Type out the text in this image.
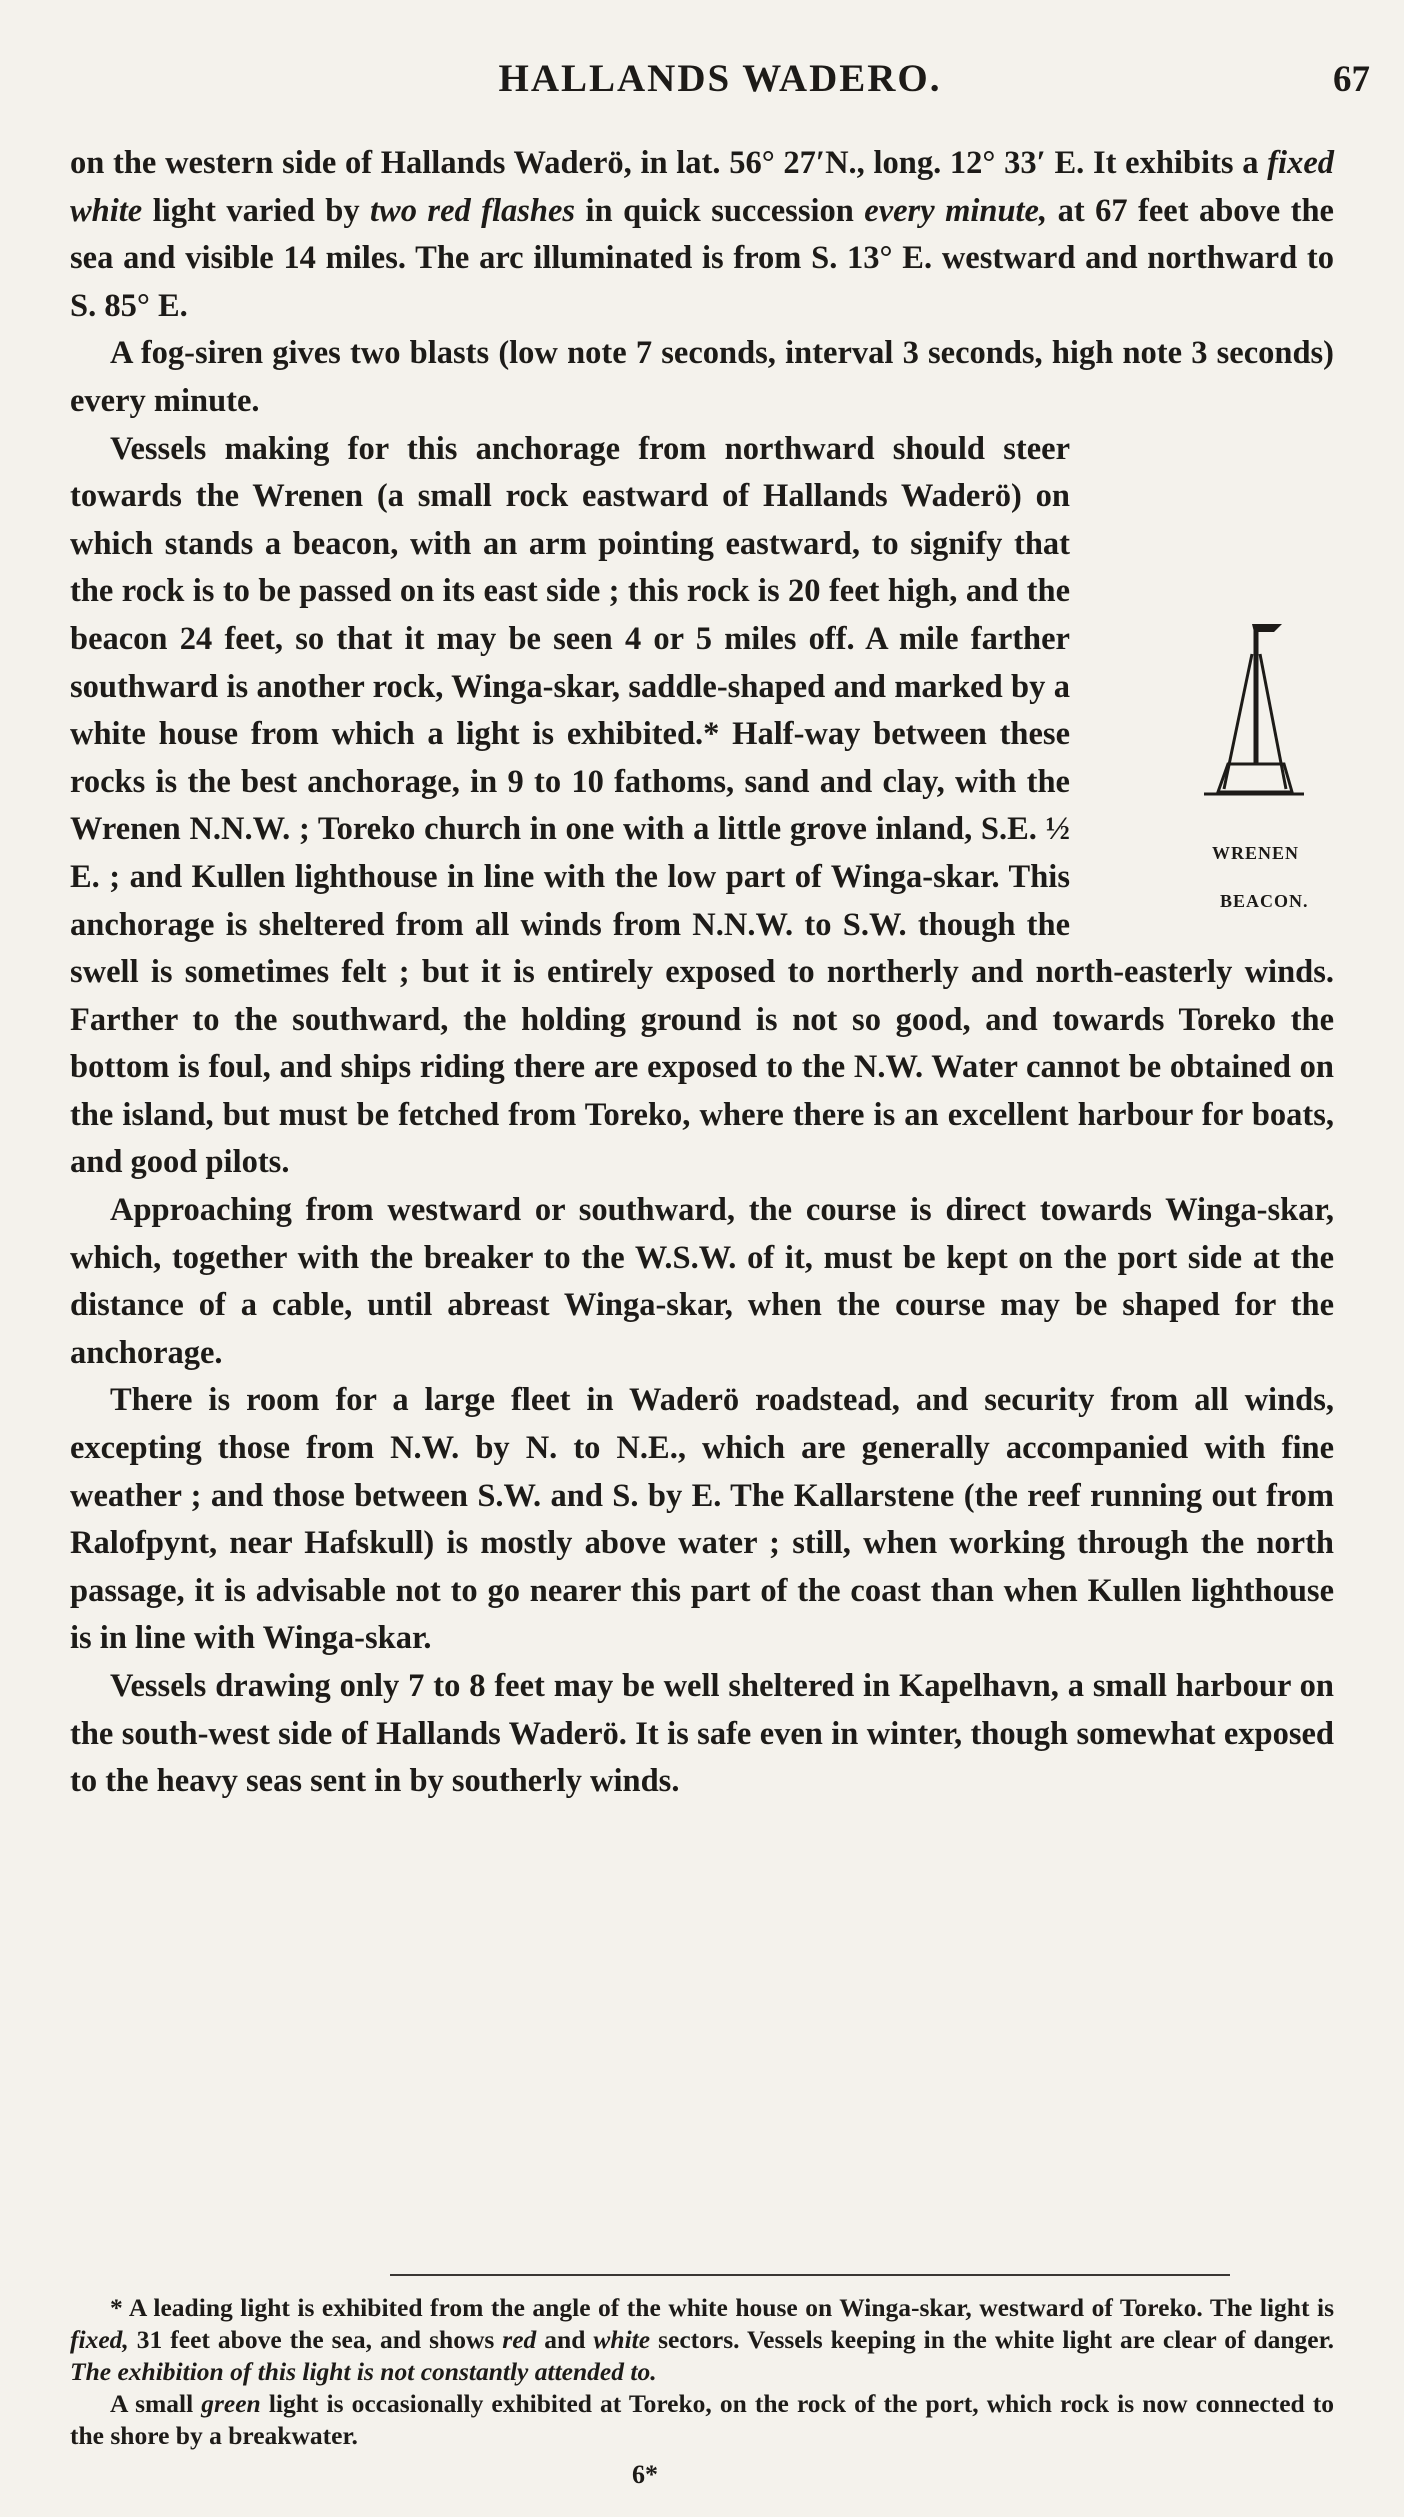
HALLANDS WADERO.	67

on the western side of Hallands Waderö, in lat. 56° 27′N., long. 12° 33′ E. It exhibits a fixed white light varied by two red flashes in quick succession every minute, at 67 feet above the sea and visible 14 miles. The arc illuminated is from S. 13° E. westward and northward to S. 85° E.

A fog-siren gives two blasts (low note 7 seconds, interval 3 seconds, high note 3 seconds) every minute.

WRENEN
BEACON.

Vessels making for this anchorage from northward should steer towards the Wrenen (a small rock eastward of Hallands Waderö) on which stands a beacon, with an arm pointing eastward, to signify that the rock is to be passed on its east side ; this rock is 20 feet high, and the beacon 24 feet, so that it may be seen 4 or 5 miles off. A mile farther southward is another rock, Winga-skar, saddle-shaped and marked by a white house from which a light is exhibited.* Half-way between these rocks is the best anchorage, in 9 to 10 fathoms, sand and clay, with the Wrenen N.N.W. ; Toreko church in one with a little grove inland, S.E. ½ E. ; and Kullen lighthouse in line with the low part of Winga-skar. This anchorage is sheltered from all winds from N.N.W. to S.W. though the swell is sometimes felt ; but it is entirely exposed to northerly and north-easterly winds. Farther to the southward, the holding ground is not so good, and towards Toreko the bottom is foul, and ships riding there are exposed to the N.W. Water cannot be obtained on the island, but must be fetched from Toreko, where there is an excellent harbour for boats, and good pilots.

Approaching from westward or southward, the course is direct towards Winga-skar, which, together with the breaker to the W.S.W. of it, must be kept on the port side at the distance of a cable, until abreast Winga-skar, when the course may be shaped for the anchorage.

There is room for a large fleet in Waderö roadstead, and security from all winds, excepting those from N.W. by N. to N.E., which are generally accompanied with fine weather ; and those between S.W. and S. by E. The Kallarstene (the reef running out from Ralofpynt, near Hafskull) is mostly above water ; still, when working through the north passage, it is advisable not to go nearer this part of the coast than when Kullen lighthouse is in line with Winga-skar.

Vessels drawing only 7 to 8 feet may be well sheltered in Kapelhavn, a small harbour on the south-west side of Hallands Waderö. It is safe even in winter, though somewhat exposed to the heavy seas sent in by southerly winds.

* A leading light is exhibited from the angle of the white house on Winga-skar, westward of Toreko. The light is fixed, 31 feet above the sea, and shows red and white sectors. Vessels keeping in the white light are clear of danger. The exhibition of this light is not constantly attended to.

A small green light is occasionally exhibited at Toreko, on the rock of the port, which rock is now connected to the shore by a breakwater.

6*
